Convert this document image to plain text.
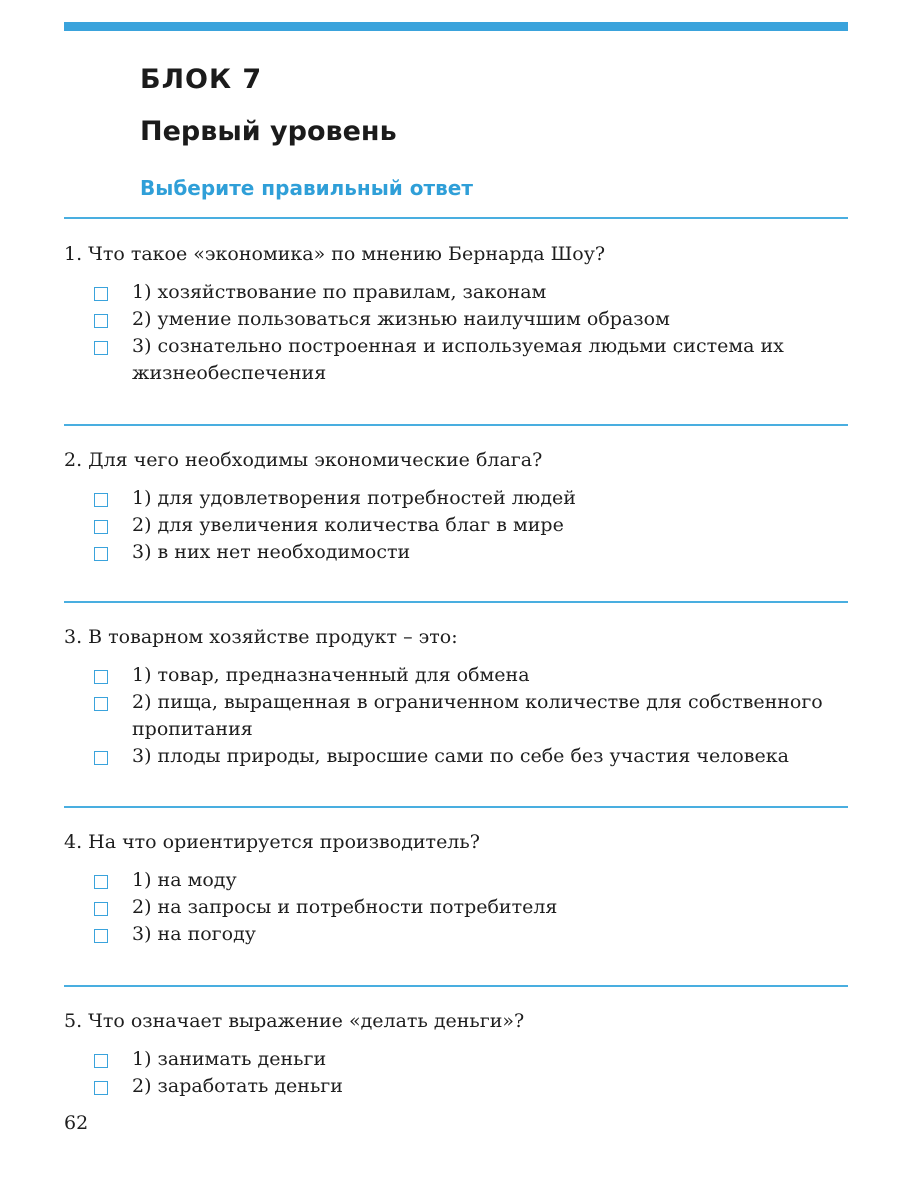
БЛОК 7
Первый уровень
Выберите правильный ответ

1. Что такое «экономика» по мнению Бернарда Шоу?

1) хозяйствование по правилам, законам
2) умение пользоваться жизнью наилучшим образом
3) сознательно построенная и используемая людьми система их жизнеобеспечения

2. Для чего необходимы экономические блага?

1) для удовлетворения потребностей людей
2) для увеличения количества благ в мире
3) в них нет необходимости

3. В товарном хозяйстве продукт – это:

1) товар, предназначенный для обмена
2) пища, выращенная в ограниченном количестве для собственного пропитания
3) плоды природы, выросшие сами по себе без участия человека

4. На что ориентируется производитель?

1) на моду
2) на запросы и потребности потребителя
3) на погоду

5. Что означает выражение «делать деньги»?

1) занимать деньги
2) заработать деньги
62
